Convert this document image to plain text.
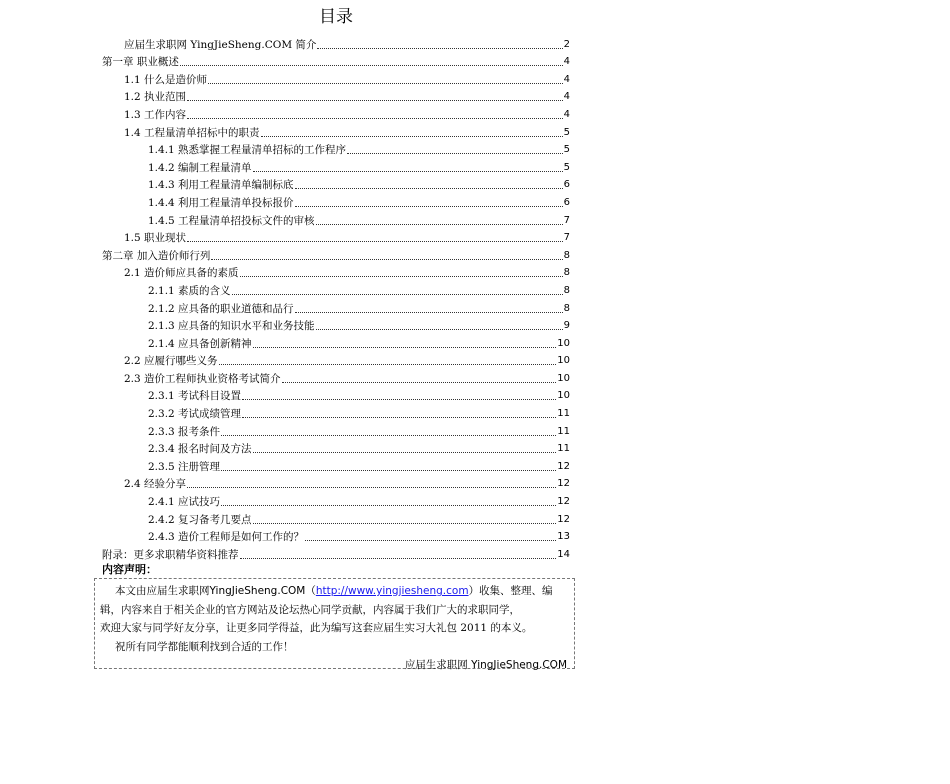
目录
应届生求职网 YingJieSheng.COM 简介	2
第一章 职业概述	4
1.1 什么是造价师	4
1.2 执业范围	4
1.3 工作内容	4
1.4 工程量清单招标中的职责	5
1.4.1 熟悉掌握工程量清单招标的工作程序	5
1.4.2 编制工程量清单	5
1.4.3 利用工程量清单编制标底	6
1.4.4 利用工程量清单投标报价	6
1.4.5 工程量清单招投标文件的审核	7
1.5 职业现状	7
第二章 加入造价师行列	8
2.1 造价师应具备的素质	8
2.1.1 素质的含义	8
2.1.2 应具备的职业道德和品行	8
2.1.3 应具备的知识水平和业务技能	9
2.1.4 应具备创新精神	10
2.2 应履行哪些义务	10
2.3 造价工程师执业资格考试简介	10
2.3.1 考试科目设置	10
2.3.2 考试成绩管理	11
2.3.3 报考条件	11
2.3.4 报名时间及方法	11
2.3.5 注册管理	12
2.4 经验分享	12
2.4.1 应试技巧	12
2.4.2 复习备考几要点	12
2.4.3 造价工程师是如何工作的？	13
附录：更多求职精华资料推荐	14
内容声明：
本文由应届生求职网YingJieSheng.COM（http://www.yingjiesheng.com）收集、整理、编
辑，内容来自于相关企业的官方网站及论坛热心同学贡献，内容属于我们广大的求职同学，
欢迎大家与同学好友分享，让更多同学得益，此为编写这套应届生实习大礼包 2011 的本义。
祝所有同学都能顺利找到合适的工作！
应届生求职网 YingJieSheng.COM
